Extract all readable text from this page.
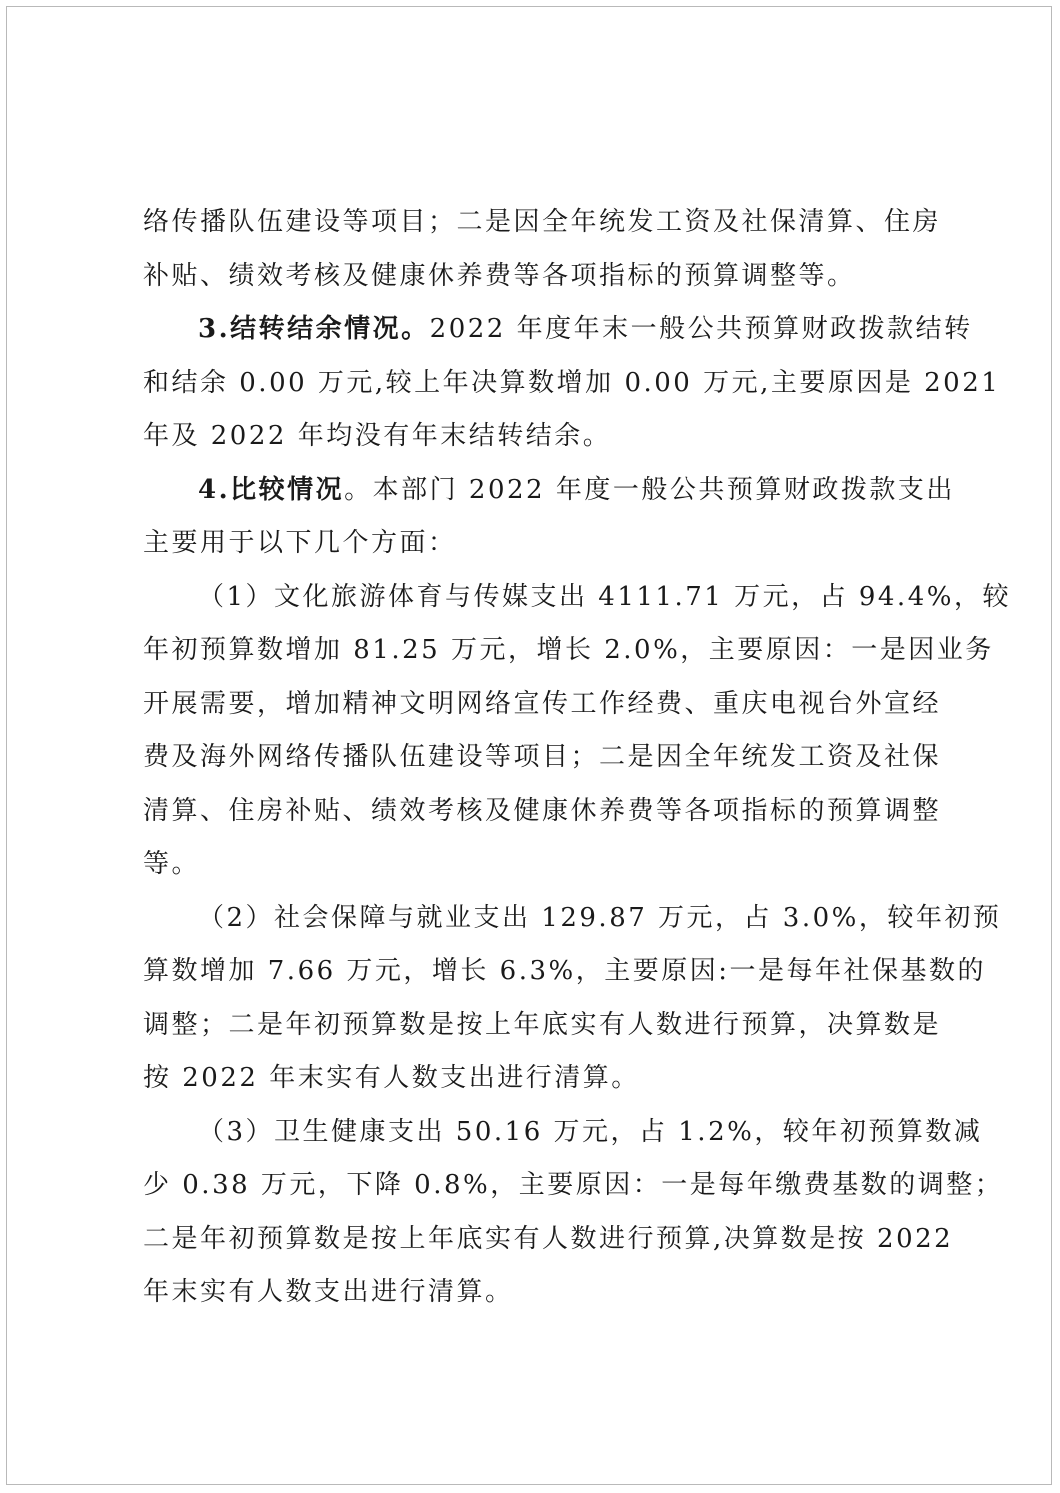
络传播队伍建设等项目；二是因全年统发工资及社保清算、住房
补贴、绩效考核及健康休养费等各项指标的预算调整等。
3.结转结余情况。2022 年度年末一般公共预算财政拨款结转
和结余 0.00 万元,较上年决算数增加 0.00 万元,主要原因是 2021
年及 2022 年均没有年末结转结余。
4.比较情况。本部门 2022 年度一般公共预算财政拨款支出
主要用于以下几个方面：
（1）文化旅游体育与传媒支出 4111.71 万元，占 94.4%，较
年初预算数增加 81.25 万元，增长 2.0%，主要原因：一是因业务
开展需要，增加精神文明网络宣传工作经费、重庆电视台外宣经
费及海外网络传播队伍建设等项目；二是因全年统发工资及社保
清算、住房补贴、绩效考核及健康休养费等各项指标的预算调整
等。
（2）社会保障与就业支出 129.87 万元，占 3.0%，较年初预
算数增加 7.66 万元，增长 6.3%，主要原因:一是每年社保基数的
调整；二是年初预算数是按上年底实有人数进行预算，决算数是
按 2022 年末实有人数支出进行清算。
（3）卫生健康支出 50.16 万元，占 1.2%，较年初预算数减
少 0.38 万元，下降 0.8%，主要原因：一是每年缴费基数的调整；
二是年初预算数是按上年底实有人数进行预算,决算数是按 2022
年末实有人数支出进行清算。
